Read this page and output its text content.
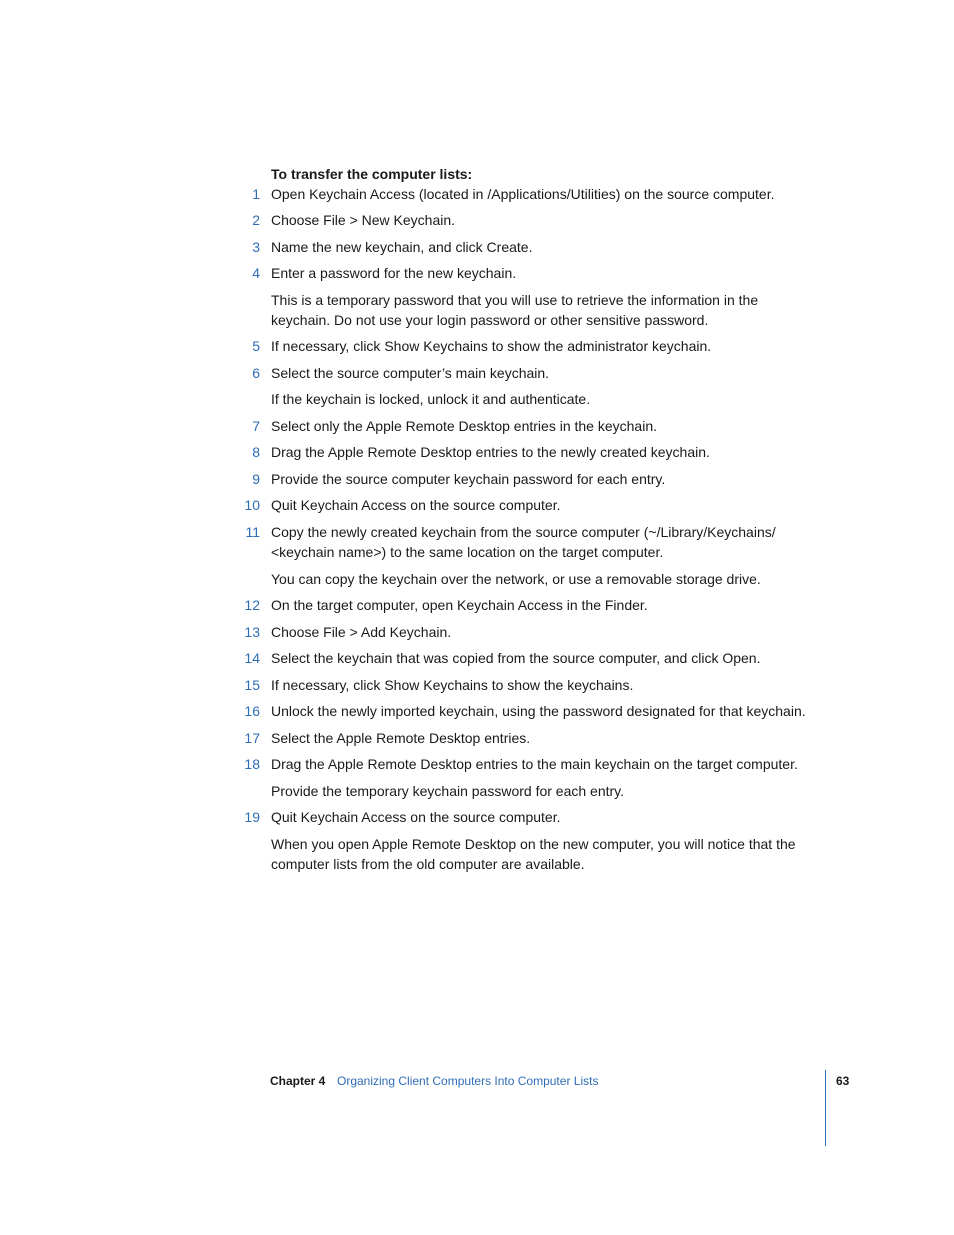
To transfer the computer lists:
1 Open Keychain Access (located in /Applications/Utilities) on the source computer.
2 Choose File > New Keychain.
3 Name the new keychain, and click Create.
4 Enter a password for the new keychain.
This is a temporary password that you will use to retrieve the information in the keychain. Do not use your login password or other sensitive password.
5 If necessary, click Show Keychains to show the administrator keychain.
6 Select the source computer’s main keychain.
If the keychain is locked, unlock it and authenticate.
7 Select only the Apple Remote Desktop entries in the keychain.
8 Drag the Apple Remote Desktop entries to the newly created keychain.
9 Provide the source computer keychain password for each entry.
10 Quit Keychain Access on the source computer.
11 Copy the newly created keychain from the source computer (~/Library/Keychains/ <keychain name>) to the same location on the target computer.
You can copy the keychain over the network, or use a removable storage drive.
12 On the target computer, open Keychain Access in the Finder.
13 Choose File > Add Keychain.
14 Select the keychain that was copied from the source computer, and click Open.
15 If necessary, click Show Keychains to show the keychains.
16 Unlock the newly imported keychain, using the password designated for that keychain.
17 Select the Apple Remote Desktop entries.
18 Drag the Apple Remote Desktop entries to the main keychain on the target computer.
Provide the temporary keychain password for each entry.
19 Quit Keychain Access on the source computer.
When you open Apple Remote Desktop on the new computer, you will notice that the computer lists from the old computer are available.
Chapter 4 Organizing Client Computers Into Computer Lists	63
